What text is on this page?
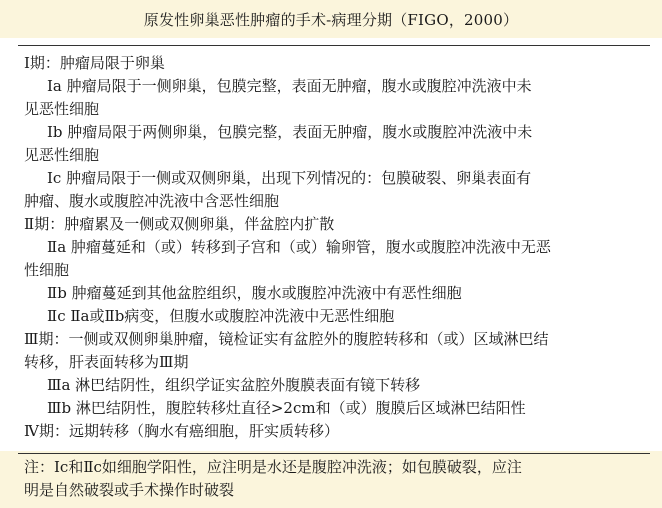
原发性卵巢恶性肿瘤的手术-病理分期（FIGO，2000）
Ⅰ期：肿瘤局限于卵巢
Ⅰa 肿瘤局限于一侧卵巢，包膜完整，表面无肿瘤，腹水或腹腔冲洗液中未
见恶性细胞
Ⅰb 肿瘤局限于两侧卵巢，包膜完整，表面无肿瘤，腹水或腹腔冲洗液中未
见恶性细胞
Ⅰc 肿瘤局限于一侧或双侧卵巢，出现下列情况的：包膜破裂、卵巢表面有
肿瘤、腹水或腹腔冲洗液中含恶性细胞
Ⅱ期：肿瘤累及一侧或双侧卵巢，伴盆腔内扩散
Ⅱa 肿瘤蔓延和（或）转移到子宫和（或）输卵管，腹水或腹腔冲洗液中无恶
性细胞
Ⅱb 肿瘤蔓延到其他盆腔组织，腹水或腹腔冲洗液中有恶性细胞
Ⅱc Ⅱa或Ⅱb病变，但腹水或腹腔冲洗液中无恶性细胞
Ⅲ期：一侧或双侧卵巢肿瘤，镜检证实有盆腔外的腹腔转移和（或）区域淋巴结
转移，肝表面转移为Ⅲ期
Ⅲa 淋巴结阴性，组织学证实盆腔外腹膜表面有镜下转移
Ⅲb 淋巴结阴性，腹腔转移灶直径>2cm和（或）腹膜后区域淋巴结阳性
Ⅳ期：远期转移（胸水有癌细胞，肝实质转移）
注：Ⅰc和Ⅱc如细胞学阳性，应注明是水还是腹腔冲洗液；如包膜破裂，应注
明是自然破裂或手术操作时破裂
